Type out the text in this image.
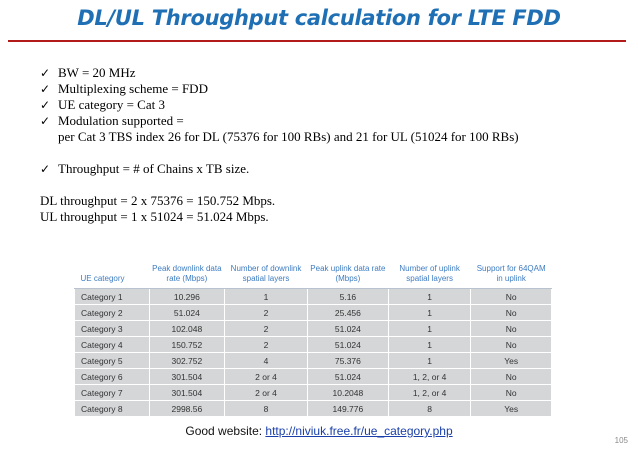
DL/UL Throughput calculation for LTE FDD
✓ BW = 20 MHz
✓ Multiplexing scheme = FDD
✓ UE category = Cat 3
✓ Modulation supported =
per Cat 3 TBS index 26 for DL (75376 for 100 RBs) and 21 for UL (51024 for 100 RBs)
✓ Throughput = # of Chains x TB size.
DL throughput = 2 x 75376 = 150.752 Mbps.
UL throughput = 1 x 51024 = 51.024 Mbps.
UE category	Peak downlink data rate (Mbps)	Number of downlink spatial layers	Peak uplink data rate (Mbps)	Number of uplink spatial layers	Support for 64QAM in uplink
Category 1	10.296	1	5.16	1	No
Category 2	51.024	2	25.456	1	No
Category 3	102.048	2	51.024	1	No
Category 4	150.752	2	51.024	1	No
Category 5	302.752	4	75.376	1	Yes
Category 6	301.504	2 or 4	51.024	1, 2, or 4	No
Category 7	301.504	2 or 4	10.2048	1, 2, or 4	No
Category 8	2998.56	8	149.776	8	Yes
Good website: http://niviuk.free.fr/ue_category.php
105
